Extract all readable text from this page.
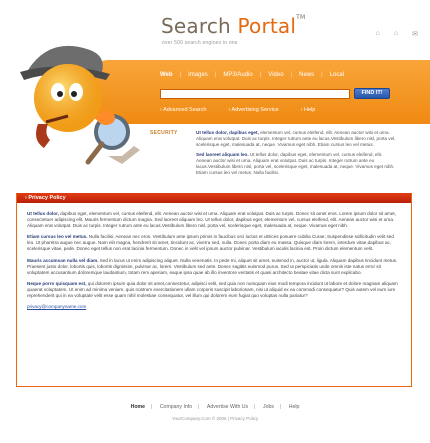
Search Portal™
over 500 search engines in one
⌂ ⌂ ✉
Web | Images | MP3/Audio | Video | News | Local
FIND IT!
› Advanced Search	› Advertising Service	› Help
SECURITY	Ut tellus dolor, dapibus eget, elementum vel, cursus eleifend, elit. Aenean auctor wisi et urna. Aliquam erat volutpat. Duis ac turpis. Integer rutrum ante eu lacus.Vestibulum libero nisl, porta vel, scelerisque eget, malesuada at, neque. Vivamus eget nibh. Etiam cursus leo vel metus.

Sed laoreet aliquam leo. Ut tellus dolor, dapibus eget, elementum vel, cursus eleifend, elit. Aenean auctor wisi et urna. Aliquam erat volutpat. Duis ac turpis. Integer rutrum ante eu lacus.Vestibulum libero nisl, porta vel, scelerisque eget, malesuada at, neque. Vivamus eget nibh. Etiam cursus leo vel metus. Nulla facilisi.

› Privacy Policy

Ut tellus dolor, dapibus eget, elementum vel, cursus eleifend, elit. Aenean auctor wisi et urna. Aliquam erat volutpat. Duis ac turpis. Donec sit amet eros. Lorem ipsum dolor sit amet, consectetuer adipiscing elit. Mauris fermentum dictum magna. Sed laoreet aliquam leo. Ut tellus dolor, dapibus eget, elementum vel, cursus eleifend, elit. Aenean auctor wisi et urna. Aliquam erat volutpat. Duis ac turpis. Integer rutrum ante eu lacus.Vestibulum libero nisl, porta vel, scelerisque eget, malesuada at, neque. Vivamus eget nibh.

Etiam cursus leo vel metus. Nulla facilisi. Aenean nec eros. Vestibulum ante ipsum primis in faucibus orci luctus et ultrices posuere cubilia Curae; Suspendisse sollicitudin velit sed leo. Ut pharetra augue nec augue. Nam elit magna, hendrerit sit amet, tincidunt ac, viverra sed, nulla. Donec porta diam eu massa. Quisque diam lorem, interdum vitae,dapibus ac, scelerisque vitae, pede. Donec eget tellus non erat lacinia fermentum. Donec in velit vel ipsum auctor pulvinar. Vestibulum iaculis lacinia est. Proin dictum elementum velit.

Mauris accumsan nulla vel diam. Sed in lacus ut enim adipiscing aliquet. Nulla venenatis. In pede mi, aliquet sit amet, euismod in, auctor ut, ligula. Aliquam dapibus tincidunt metus. Praesent justo dolor, lobortis quis, lobortis dignissim, pulvinar ac, lorem. Vestibulum sed ante. Donec sagittis euismod purus. Sed ut perspiciatis unde omnis iste natus error sit voluptatem accusantium doloremque laudantium, totam rem aperiam, eaque ipsa quae ab illo inventore veritatis et quasi architecto beatae vitae dicta sunt explicabo.

Neque porro quisquam est, qui dolorem ipsum quia dolor sit amet,consectetur, adipisci velit, sed quia non numquam eius modi tempora incidunt ut labore et dolore magnam aliquam quaerat voluptatem. Ut enim ad minima veniam, quis nostrum exercitationem ullam corporis suscipit laboriosam, nisi ut aliquid ex ea commodi consequatur? Quis autem vel eum iure reprehenderit qui in ea voluptate velit esse quam nihil molestiae consequatur, vel illum qui dolorem eum fugiat quo voluptas nulla pariatur?

privacy@companyname.com

Home | Company Info | Advertise With Us | Jobs | Help
YourCompany.Com © 2006 | Privacy Policy
